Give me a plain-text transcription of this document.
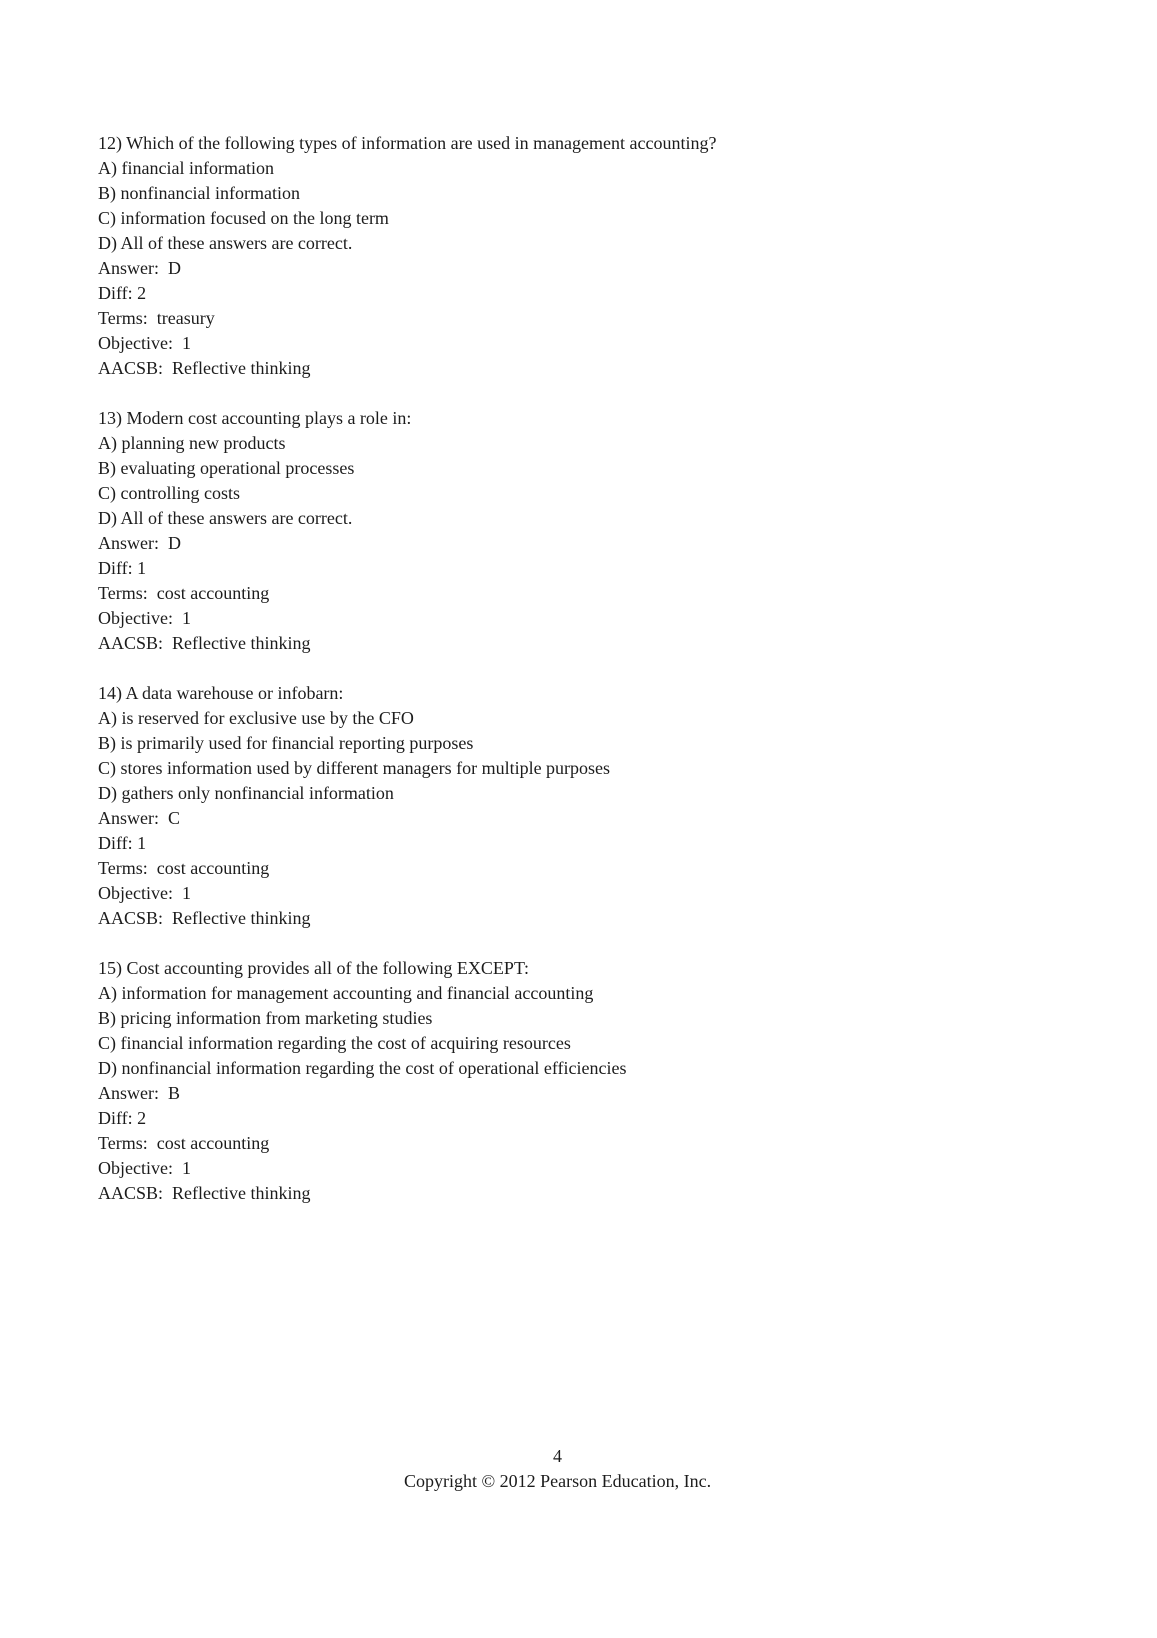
12) Which of the following types of information are used in management accounting?

A) financial information

B) nonfinancial information

C) information focused on the long term

D) All of these answers are correct.

Answer:  D

Diff: 2

Terms:  treasury

Objective:  1

AACSB:  Reflective thinking

13) Modern cost accounting plays a role in:

A) planning new products

B) evaluating operational processes

C) controlling costs

D) All of these answers are correct.

Answer:  D

Diff: 1

Terms:  cost accounting

Objective:  1

AACSB:  Reflective thinking

14) A data warehouse or infobarn:

A) is reserved for exclusive use by the CFO

B) is primarily used for financial reporting purposes

C) stores information used by different managers for multiple purposes

D) gathers only nonfinancial information

Answer:  C

Diff: 1

Terms:  cost accounting

Objective:  1

AACSB:  Reflective thinking

15) Cost accounting provides all of the following EXCEPT:

A) information for management accounting and financial accounting

B) pricing information from marketing studies

C) financial information regarding the cost of acquiring resources

D) nonfinancial information regarding the cost of operational efficiencies

Answer:  B

Diff: 2

Terms:  cost accounting

Objective:  1

AACSB:  Reflective thinking

4

Copyright © 2012 Pearson Education, Inc.
